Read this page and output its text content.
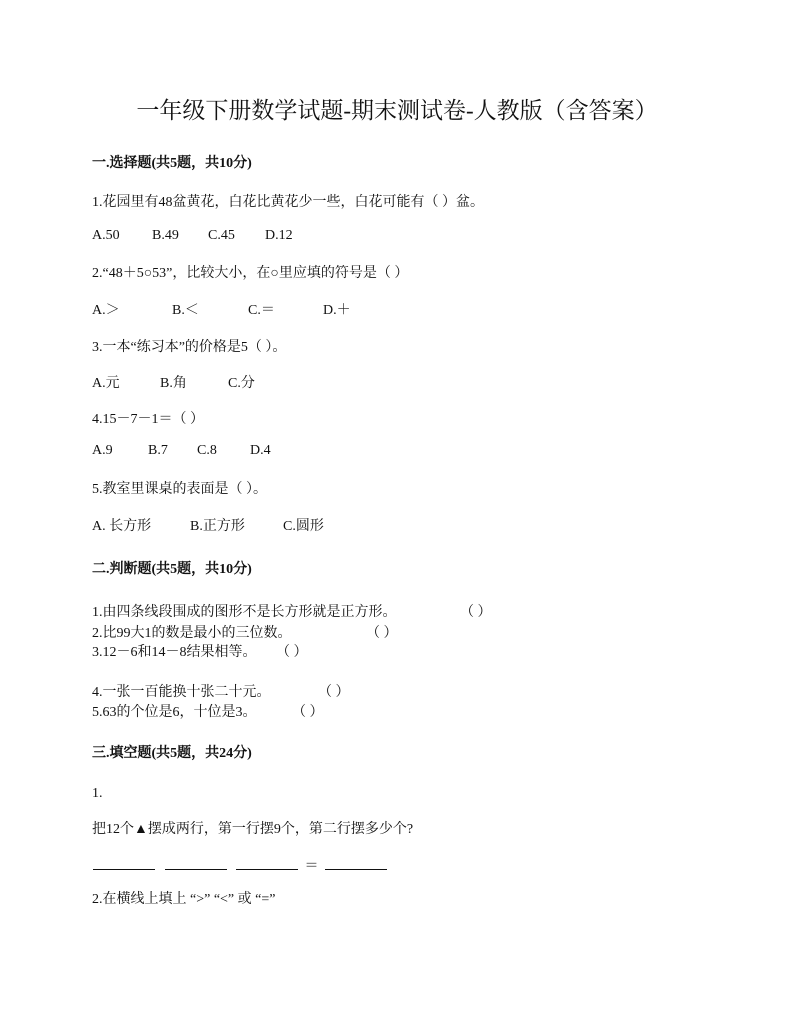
一年级下册数学试题-期末测试卷-人教版（含答案）
一.选择题(共5题，共10分)
1.花园里有48盆黄花，白花比黄花少一些，白花可能有（ ）盆。
A.50 B.49 C.45 D.12
2.“48＋5○53”，比较大小，在○里应填的符号是（ ）
A.＞	B.＜	C.＝	D.＋
3.一本“练习本”的价格是5（ ）。
A.元	B.角	C.分
4.15－7－1＝（ ）
A.9	B.7 C.8 D.4
5.教室里课桌的表面是（ ）。
A. 长方形	B.正方形	C.圆形
二.判断题(共5题，共10分)
1.由四条线段围成的图形不是长方形就是正方形。	（ ）
2.比99大1的数是最小的三位数。	（ ）
3.12－6和14－8结果相等。 （ ）
4.一张一百能换十张二十元。	（ ）
5.63的个位是6，十位是3。	（ ）
三.填空题(共5题，共24分)
1.
把12个▲摆成两行，第一行摆9个，第二行摆多少个?
＝
2.在横线上填上 “>” “<” 或 “=”
